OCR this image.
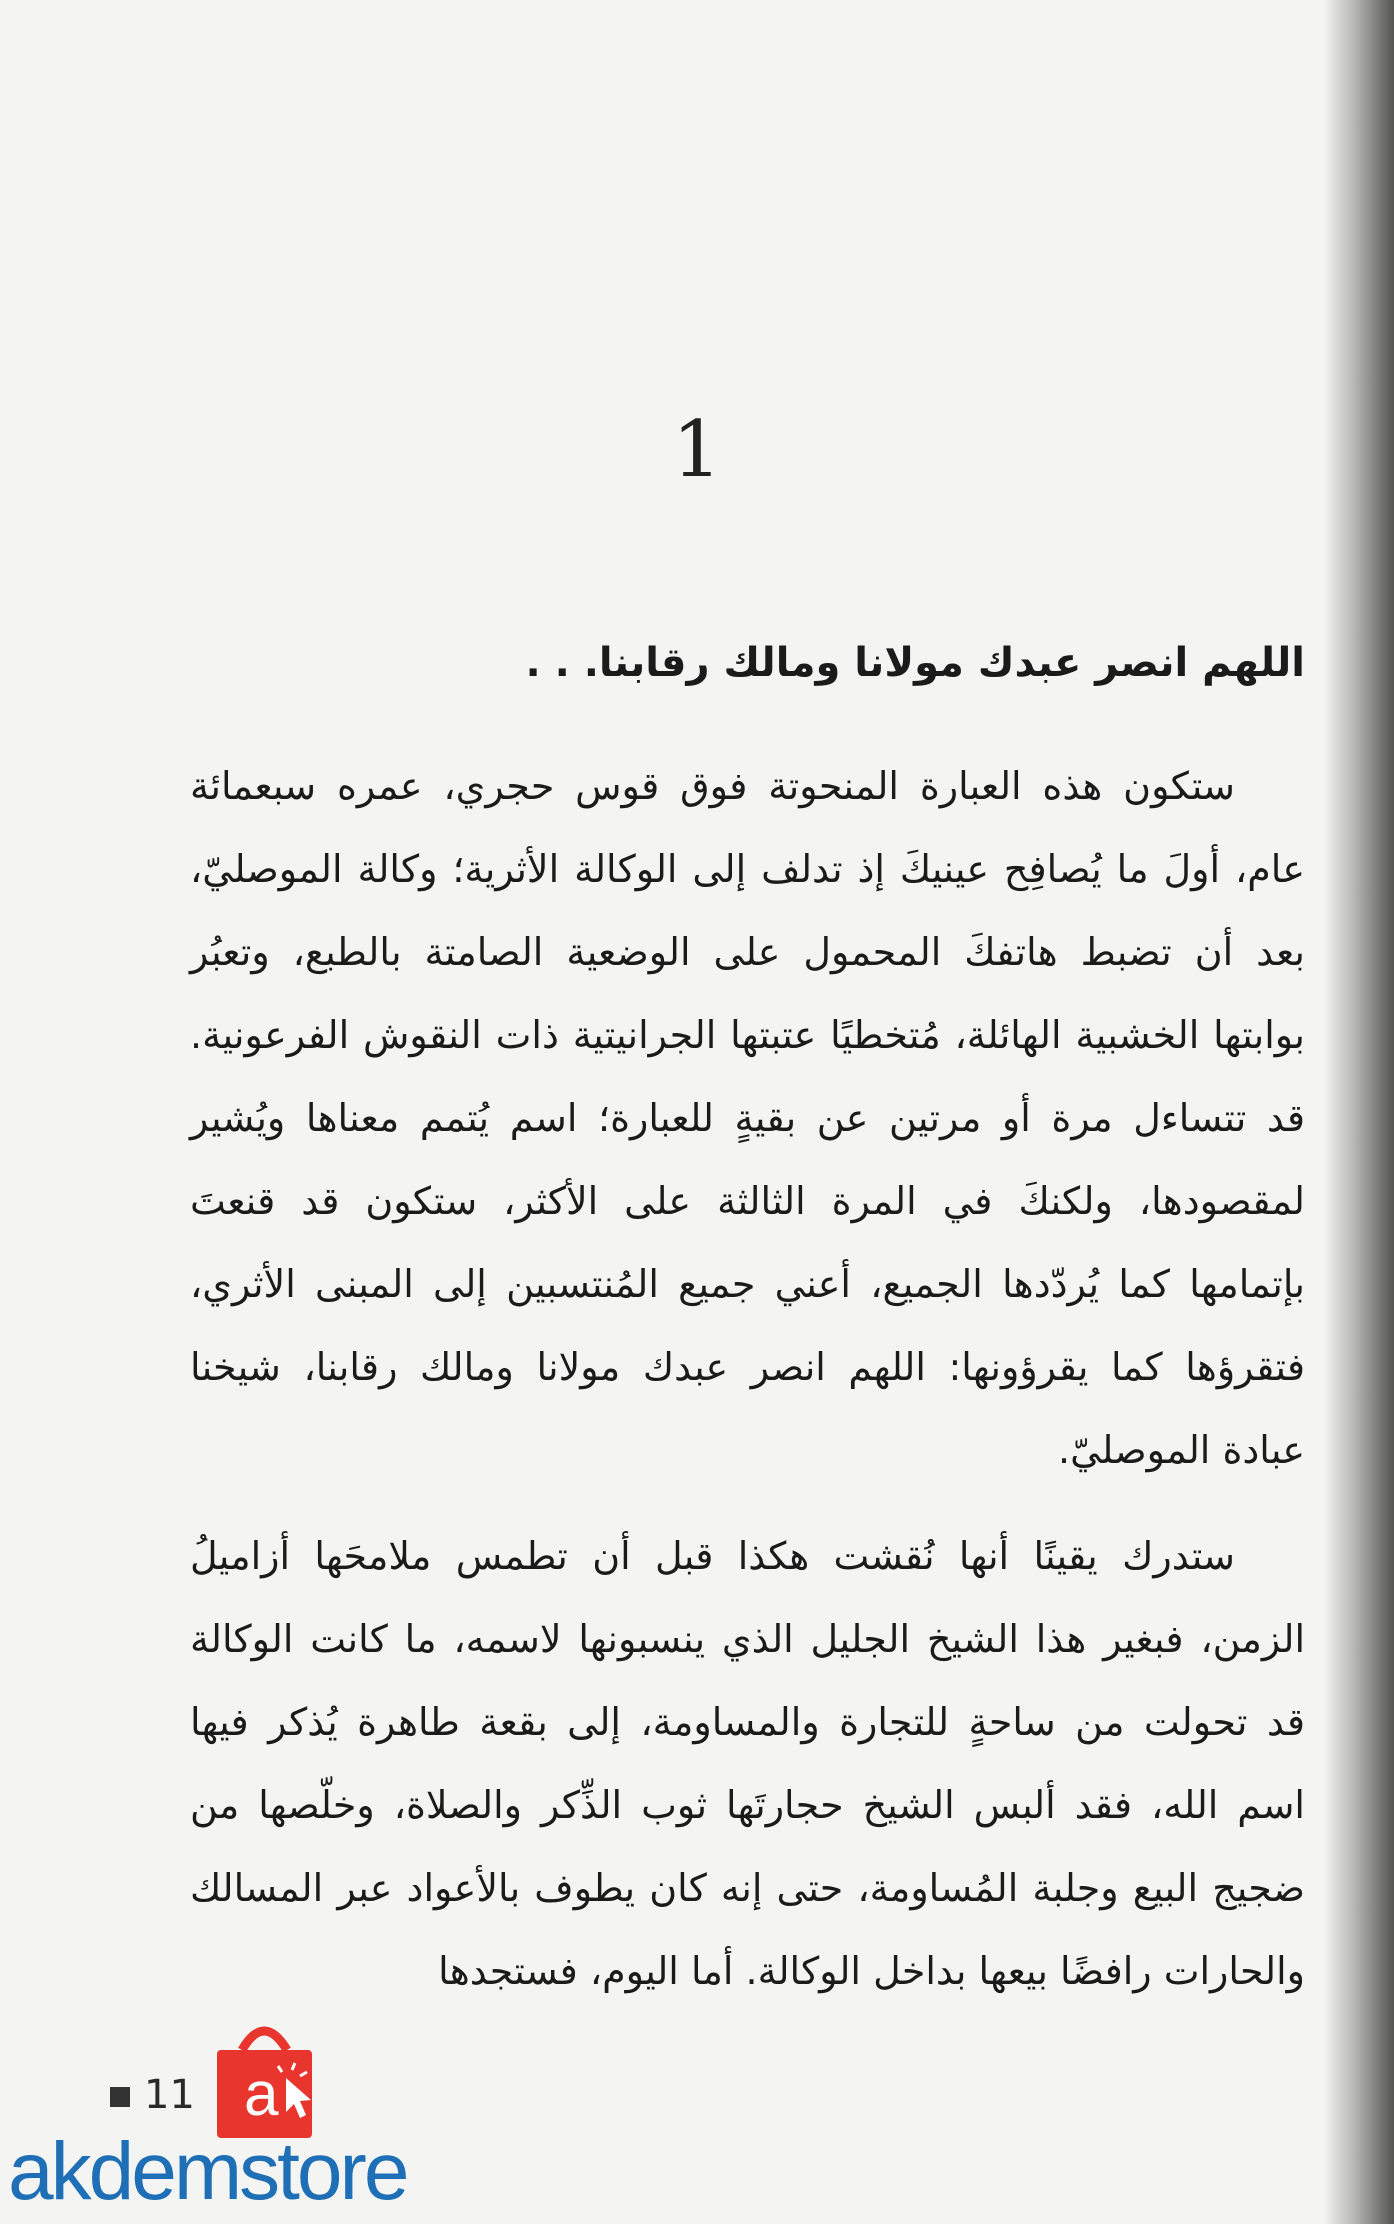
1
اللهم انصر عبدك مولانا ومالك رقابنا. . .
ستكون هذه العبارة المنحوتة فوق قوس حجري، عمره سبعمائة عام، أولَ ما يُصافِح عينيكَ إذ تدلف إلى الوكالة الأثرية؛ وكالة الموصليّ، بعد أن تضبط هاتفكَ المحمول على الوضعية الصامتة بالطبع، وتعبُر بوابتها الخشبية الهائلة، مُتخطيًا عتبتها الجرانيتية ذات النقوش الفرعونية. قد تتساءل مرة أو مرتين عن بقيةٍ للعبارة؛ اسم يُتمم معناها ويُشير لمقصودها، ولكنكَ في المرة الثالثة على الأكثر، ستكون قد قنعتَ بإتمامها كما يُردّدها الجميع، أعني جميع المُنتسبين إلى المبنى الأثري، فتقرؤها كما يقرؤونها: اللهم انصر عبدك مولانا ومالك رقابنا، شيخنا عبادة الموصليّ.
ستدرك يقينًا أنها نُقشت هكذا قبل أن تطمس ملامحَها أزاميلُ الزمن، فبغير هذا الشيخ الجليل الذي ينسبونها لاسمه، ما كانت الوكالة قد تحولت من ساحةٍ للتجارة والمساومة، إلى بقعة طاهرة يُذكر فيها اسم الله، فقد ألبس الشيخ حجارتَها ثوب الذِّكر والصلاة، وخلّصها من ضجيج البيع وجلبة المُساومة، حتى إنه كان يطوف بالأعواد عبر المسالك والحارات رافضًا بيعها بداخل الوكالة. أما اليوم، فستجدها
11 a
akdemstore
